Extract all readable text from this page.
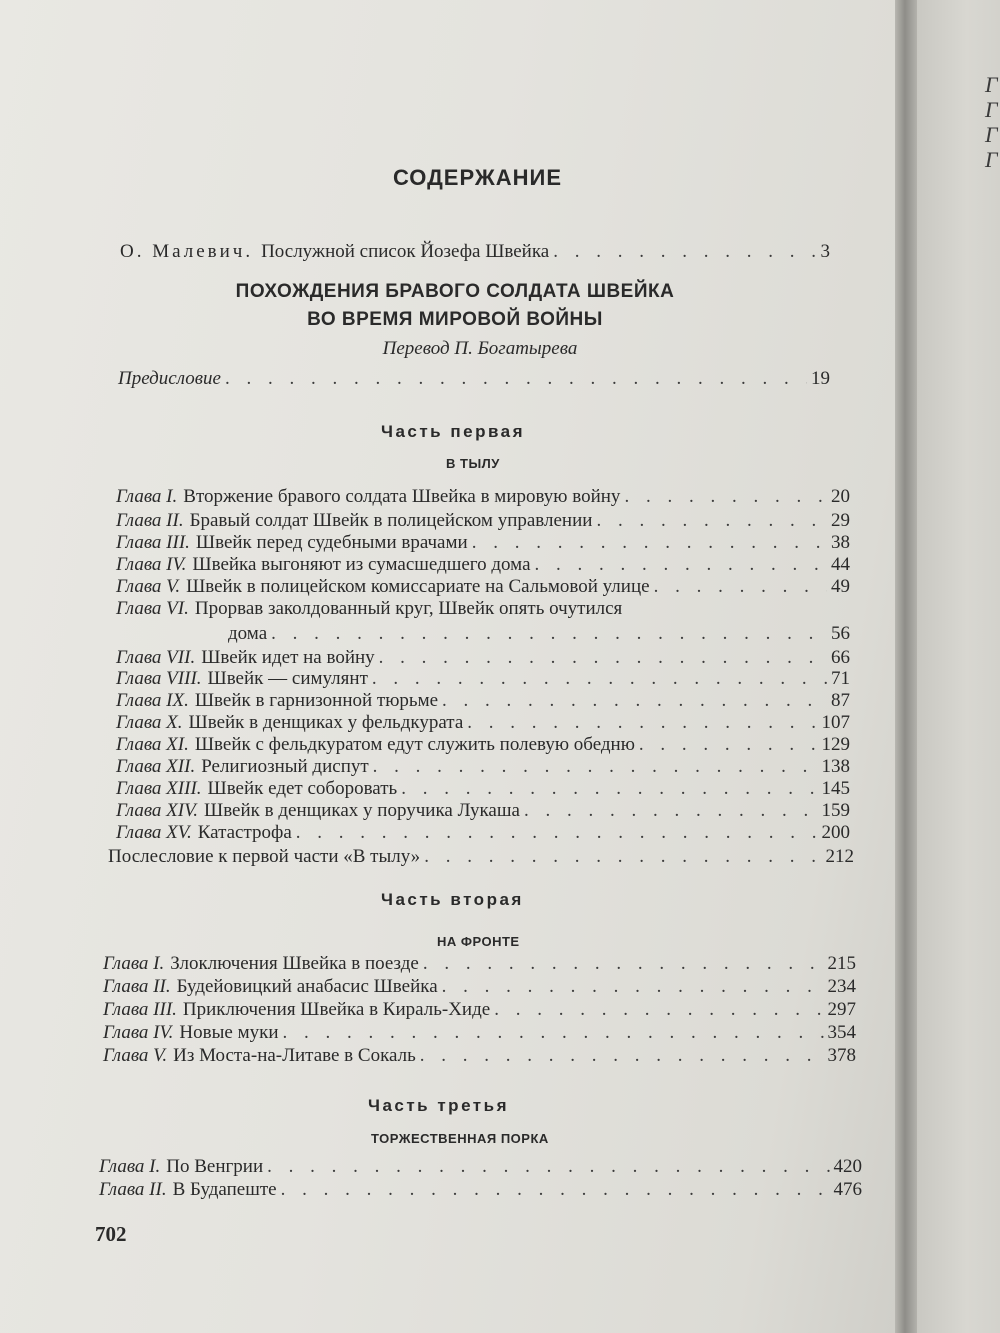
Г
Г
Г
Г
СОДЕРЖАНИЕ
О. Малевич. Послужной список Йозефа Швейка . . .	3
ПОХОЖДЕНИЯ БРАВОГО СОЛДАТА ШВЕЙКА
ВО ВРЕМЯ МИРОВОЙ ВОЙНЫ
Перевод П. Богатырева
Предисловие . . .	19
Часть первая
В ТЫЛУ
Глава I. Вторжение бравого солдата Швейка в мировую войну . . .	20
Глава II. Бравый солдат Швейк в полицейском управлении . . .	29
Глава III. Швейк перед судебными врачами . . .	38
Глава IV. Швейка выгоняют из сумасшедшего дома . . .	44
Глава V. Швейк в полицейском комиссариате на Сальмовой улице . . .	49
Глава VI. Прорвав заколдованный круг, Швейк опять очутился
дома . . .	56
Глава VII. Швейк идет на войну . . .	66
Глава VIII. Швейк — симулянт . . .	71
Глава IX. Швейк в гарнизонной тюрьме . . .	87
Глава X. Швейк в денщиках у фельдкурата . . .	107
Глава XI. Швейк с фельдкуратом едут служить полевую обедню . . .	129
Глава XII. Религиозный диспут . . .	138
Глава XIII. Швейк едет соборовать . . .	145
Глава XIV. Швейк в денщиках у поручика Лукаша . . .	159
Глава XV. Катастрофа . . .	200
Послесловие к первой части «В тылу» . . .	212
Часть вторая
НА ФРОНТЕ
Глава I. Злоключения Швейка в поезде . . .	215
Глава II. Будейовицкий анабасис Швейка . . .	234
Глава III. Приключения Швейка в Кираль-Хиде . . .	297
Глава IV. Новые муки . . .	354
Глава V. Из Моста-на-Литаве в Сокаль . . .	378
Часть третья
ТОРЖЕСТВЕННАЯ ПОРКА
Глава I. По Венгрии . . .	420
Глава II. В Будапеште . . .	476
702
